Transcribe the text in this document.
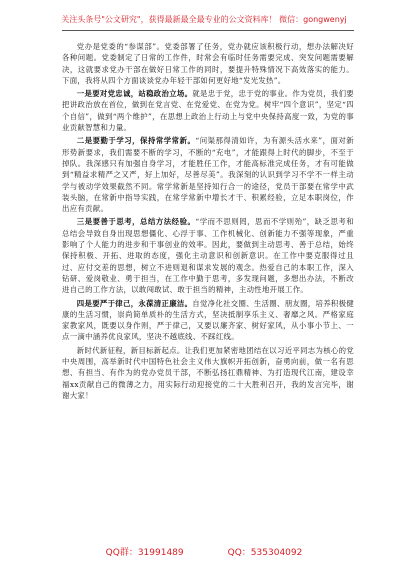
关注头条号"公文研究"，获得最新最全最专业的公文资料库！ 微信：gongwenyj

党办是党委的“参谋部”。党委部署了任务，党办就应该积极行动，想办法解决好各种问题。党委制定了日常的工作件，时常会有临时任务需要完成、突发问题需要解决，这就要求党办干部在做好日常工作的同时，要提升特殊情况下高效落实的能力。下面，我将从四个方面谈谈党办年轻干部如何更好地“发光发热”。

一是要对党忠诚，站稳政治立场。就是忠于党，忠于党的事业。作为党员，我们要把讲政治放在首位，做到在党言党、在党爱党、在党为党。树牢“四个意识”，坚定“四个自信”，做到“两个维护”，在思想上政治上行动上与党中央保持高度一致，为党的事业贡献智慧和力量。

二是要勤于学习，保持常学常新。“问渠那得清如许，为有源头活水来”，面对新形势新要求，我们需要不断的学习，不断的“充电”，才能跟得上时代的脚步，不至于掉队。我深感只有加强自身学习，才能胜任工作，才能高标准完成任务，才有可能做到“精益求精严之又严，好上加好，尽善尽美”。我深刻的认识到学习不学不一样主动学与被动学效果截然不同。常学常新是坚持知行合一的途径，党员干部要在常学中武装头脑，在常新中指导实践，在常学常新中增长才干、积累经验，立足本职岗位，作出应有贡献。

三是要善于思考，总结方法经验。“学而不思则罔，思而不学则殆”，缺乏思考和总结会导致自身出现思想僵化、心浮于事、工作机械化、创新能力不强等现象，严重影响了个人能力的进步和干事创业的效率。因此，要做到主动思考、善于总结，始终保持积极、开拓、进取的态度，强化主动意识和创新意识。在工作中要克服得过且过、应付交差的思想，树立不进则退和谋求发展的观念。热爱自己的本职工作，深入钻研、爱岗敬业、勇于担当，在工作中勤于思考，多发现问题，多想出办法，不断改进自己的工作方法，以敢闯敢试、敢于担当的精神，主动性地开展工作。

四是要严于律己，永葆清正廉洁。自觉净化社交圈、生活圈、朋友圈，培养积极健康的生活习惯，崇尚简单质朴的生活方式，坚决抵制享乐主义、奢靡之风。严格家庭家教家风，既要以身作则，严于律己，又要以廉齐家、树好家风，从小事小节上、一点一滴中涵养优良家风，坚决不越底线、不踩红线。

新时代新征程，新目标新起点。让我们更加紧密地团结在以习近平同志为核心的党中央周围，高举新时代中国特色社会主义伟大旗帜开拓创新，奋勇向前，做一名有思想、有担当、有作为的党办党员干部，不断弘扬扛鼎精神、为打造现代江南，建设幸福xx贡献自己的微薄之力，用实际行动迎接党的二十大胜利召开，我的发言完毕，谢谢大家！

QQ群：31991489	QQ：535304092
